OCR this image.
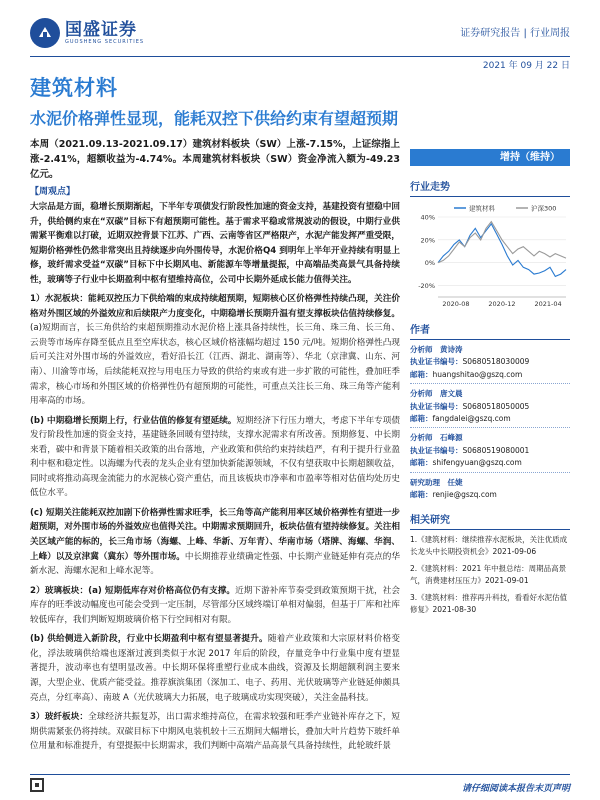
国盛证券
GUOSHENG SECURITIES
证券研究报告 | 行业周报
2021 年 09 月 22 日
建筑材料
水泥价格弹性显现，能耗双控下供给约束有望超预期
本周（2021.09.13-2021.09.17）建筑材料板块（SW）上涨-7.15%，上证综指上涨-2.41%，超额收益为-4.74%。本周建筑材料板块（SW）资金净流入额为-49.23 亿元。
增持（维持）
【周观点】

大宗品是方面，稳增长预期渐起，下半年专项债发行阶段性加速的资金支持，基建投资有望稳中回升，供给侧约束在“双碳”目标下有超预期可能性。基于需求平稳或常规波动的假设，中期行业供需紧平衡难以打破，近期双控背景下江苏、广西、云南等省区严格限产，水泥产能发挥严重受限，短期价格弹性仍然非常突出且持续逐步向外围传导，水泥价格Q4 到明年上半年开业持续有明显上修，玻纤需求受益“双碳”目标下中长期风电、新能源车等增量提振，中高端品类高景气具备持续性，玻璃等子行业中长期盈利中枢有望维持高位，公司中长期外延成长能力值得关注。

1）水泥板块：能耗双控压力下供给端的束成持续超预期，短期核心区价格弹性持续凸现，关注价格对外围区域的外溢效应和后续限产力度变化，中期稳增长预期升温有望支撑板块估值持续修复。(a)短期而言，长三角供给约束超预期推动水泥价格上涨具备持续性，长三角、珠三角、长三角、云贵等市场库存降至低点且至空库状态，核心区域价格涨幅均超过 150 元/吨。短期价格弹性凸现后可关注对外围市场的外溢效应，看好沿长江（江西、湖北、湖南等）、华北（京津冀、山东、河南）、川渝等市场，后续能耗双控与用电压力导致的供给约束或有进一步扩散的可能性，叠加旺季需求，核心市场和外围区域的价格弹性仍有超预期的可能性，可重点关注长三角、珠三角等产能利用率高的市场。

(b) 中期稳增长预期上行，行业估值的修复有望延续。短期经济下行压力增大，考虑下半年专项债发行阶段性加速的资金支持，基建链条回暖有望持续，支撑水泥需求有所改善。预期修复、中长期来看，碳中和背景下随着相关政策的出台落地，产业政策和供给约束持续趋严，有利于提升行业盈利中枢和稳定性。以海螺为代表的龙头企业有望加快新能源领域，不仅有望获取中长期超额收益，同时或将推动高现金流能力的水泥核心资产重估，而且该板块市净率和市盈率等相对估值均处历史低位水平。

(c) 短期关注能耗双控加剧下价格弹性需求旺季，长三角等高产能利用率区域价格弹性有望进一步超预期，对外围市场的外溢效应也值得关注。中期需求预期回升，板块估值有望持续修复。关注相关区域产能的标的，长三角市场（海螺、上峰、华新、万年青）、华南市场（塔牌、海螺、华润、上峰）以及京津冀（冀东）等外围市场。中长期推荐业绩确定性强、中长期产业链延伸有亮点的华新水泥、海螺水泥和上峰水泥等。

2）玻璃板块：(a) 短期低库存对价格高位仍有支撑。近期下游补库节奏受到政策预期干扰，社会库存的旺季波动幅度也可能会受到一定压制，尽管部分区域终端订单相对偏弱，但基于厂库和社库较低库存，我们判断短期玻璃价格下行空间相对有限。

(b) 供给侧进入新阶段，行业中长期盈利中枢有望显著提升。随着产业政策和大宗原材料价格变化，浮法玻璃供给端也逐渐过渡到类似于水泥 2017 年后的阶段，存量竞争中行业集中度有望显著提升，波动率也有望明显改善。中长期环保将重塑行业成本曲线，资源及长期超额利润主要来源，大型企业、优质产能受益。推荐旗滨集团（深加工、电子、药用、光伏玻璃等产业链延伸颇具亮点，分红率高）、南玻 A（光伏玻璃大力拓展，电子玻璃成功实现突破），关注金晶科技。

3）玻纤板块：全球经济共振复苏，出口需求维持高位，在需求较强和旺季产业链补库存之下，短期供需紧张仍将持续。双碳目标下中期风电装机较十三五期间大幅增长，叠加大叶片趋势下玻纤单位用量和标准提升，有望提振中长期需求，我们判断中高端产品高景气具备持续性，此轮玻纤景

行业走势
40%
20%
0%
-20%
2020-08	2020-12	2021-04
建筑材料	沪深300
作者
分析师　黄诗涛
执业证书编号：S0680518030009
邮箱：huangshitao@gszq.com
分析师　唐文晨
执业证书编号：S0680518050005
邮箱：fangdalei@gszq.com
分析师　石峰源
执业证书编号：S0680519080001
邮箱：shifengyuan@gszq.com
研究助理　任婕
邮箱：renjie@gszq.com
相关研究
1.《建筑材料：继续推荐水泥板块，关注优质成长龙头中长期投资机会》2021-09-06
2.《建筑材料：2021 年中报总结：周期品高景气，消费建材压压力》2021-09-01
3.《建筑材料：推荐再升科技，看看好水泥估值修复》2021-08-30
请仔细阅读本报告末页声明
